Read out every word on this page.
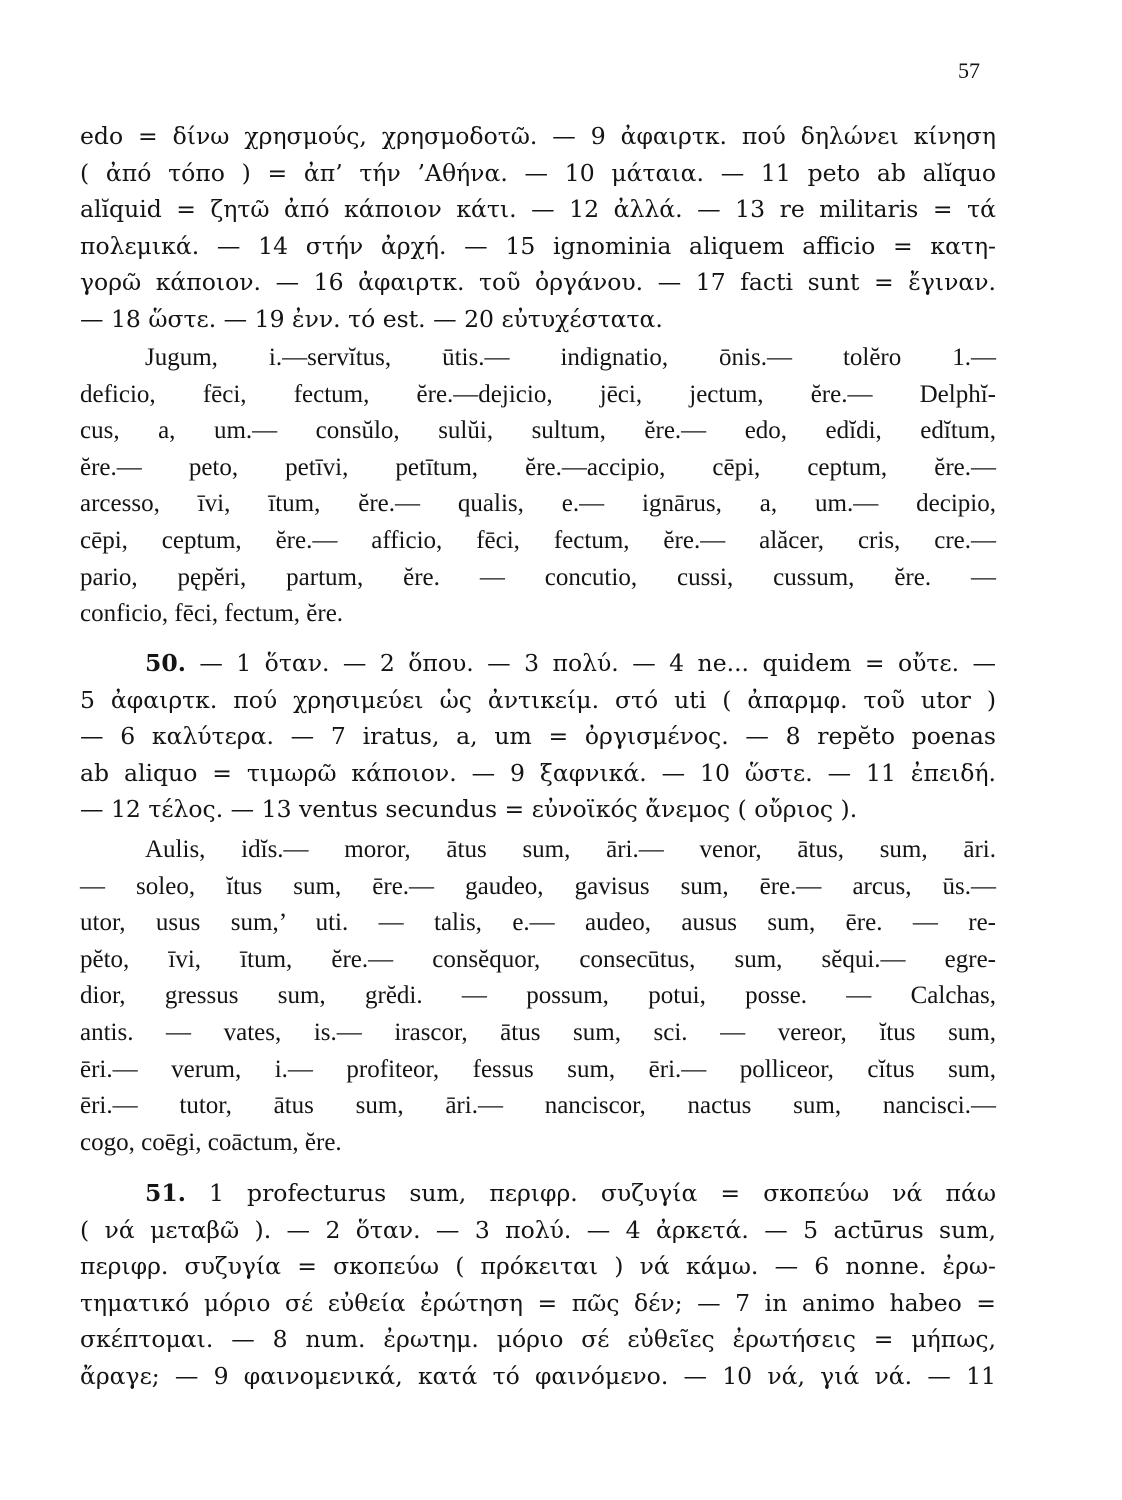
57
edo = δίνω χρησμούς, χρησμοδοτῶ. — 9 ἀφαιρτκ. πού δηλώνει κίνηση
( ἀπό τόπο ) = ἀπ’ τήν ’Αθήνα. — 10 μάταια. — 11 peto ab alĭquo
alĭquid = ζητῶ ἀπό κάποιον κάτι. — 12 ἀλλά. — 13 re militaris = τά
πολεμικά. — 14 στήν ἀρχή. — 15 ignominia aliquem afficio = κατη-
γορῶ κάποιον. — 16 ἀφαιρτκ. τοῦ ὀργάνου. — 17 facti sunt = ἔγιναν.
— 18 ὥστε. — 19 ἐνν. τό est. — 20 εὐτυχέστατα.
Jugum, i.—servĭtus, ūtis.— indignatio, ōnis.— tolĕro 1.—
deficio, fēci, fectum, ĕre.—dejicio, jēci, jectum, ĕre.— Delphĭ-
cus, a, um.— consŭlo, sulŭi, sultum, ĕre.— edo, edĭdi, edĭtum,
ĕre.— peto, petīvi, petītum, ĕre.—accipio, cēpi, ceptum, ĕre.—
arcesso, īvi, ītum, ĕre.— qualis, e.— ignārus, a, um.— decipio,
cēpi, ceptum, ĕre.— afficio, fēci, fectum, ĕre.— alăcer, cris, cre.—
pario, pępĕri, partum, ĕre. — concutio, cussi, cussum, ĕre. —
conficio, fēci, fectum, ĕre.
50. — 1 ὅταν. — 2 ὅπου. — 3 πολύ. — 4 ne... quidem = οὔτε. —
5 ἀφαιρτκ. πού χρησιμεύει ὡς ἀντικείμ. στό uti ( ἀπαρμφ. τοῦ utor )
— 6 καλύτερα. — 7 iratus, a, um = ὀργισμένος. — 8 repĕto poenas
ab aliquo = τιμωρῶ κάποιον. — 9 ξαφνικά. — 10 ὥστε. — 11 ἐπειδή.
— 12 τέλος. — 13 ventus secundus = εὐνοϊκός ἄνεμος ( οὔριος ).
Aulis, idĭs.— moror, ātus sum, āri.— venor, ātus, sum, āri.
— soleo, ĭtus sum, ēre.— gaudeo, gavisus sum, ēre.— arcus, ūs.—
utor, usus sum,’ uti. — talis, e.— audeo, ausus sum, ēre. — re-
pĕto, īvi, ītum, ĕre.— consĕquor, consecūtus, sum, sĕqui.— egre-
dior, gressus sum, grĕdi. — possum, potui, posse. — Calchas,
antis. — vates, is.— irascor, ātus sum, sci. — vereor, ĭtus sum,
ēri.— verum, i.— profiteor, fessus sum, ēri.— polliceor, cĭtus sum,
ēri.— tutor, ātus sum, āri.— nanciscor, nactus sum, nancisci.—
cogo, coēgi, coāctum, ĕre.
51. 1 profecturus sum, περιφρ. συζυγία = σκοπεύω νά πάω
( νά μεταβῶ ). — 2 ὅταν. — 3 πολύ. — 4 ἀρκετά. — 5 actūrus sum,
περιφρ. συζυγία = σκοπεύω ( πρόκειται ) νά κάμω. — 6 nonne. ἐρω-
τηματικό μόριο σέ εὐθεία ἐρώτηση = πῶς δέν; — 7 in animo habeo =
σκέπτομαι. — 8 num. ἐρωτημ. μόριο σέ εὐθεῖες ἐρωτήσεις = μήπως,
ἄραγε; — 9 φαινομενικά, κατά τό φαινόμενο. — 10 νά, γιά νά. — 11
